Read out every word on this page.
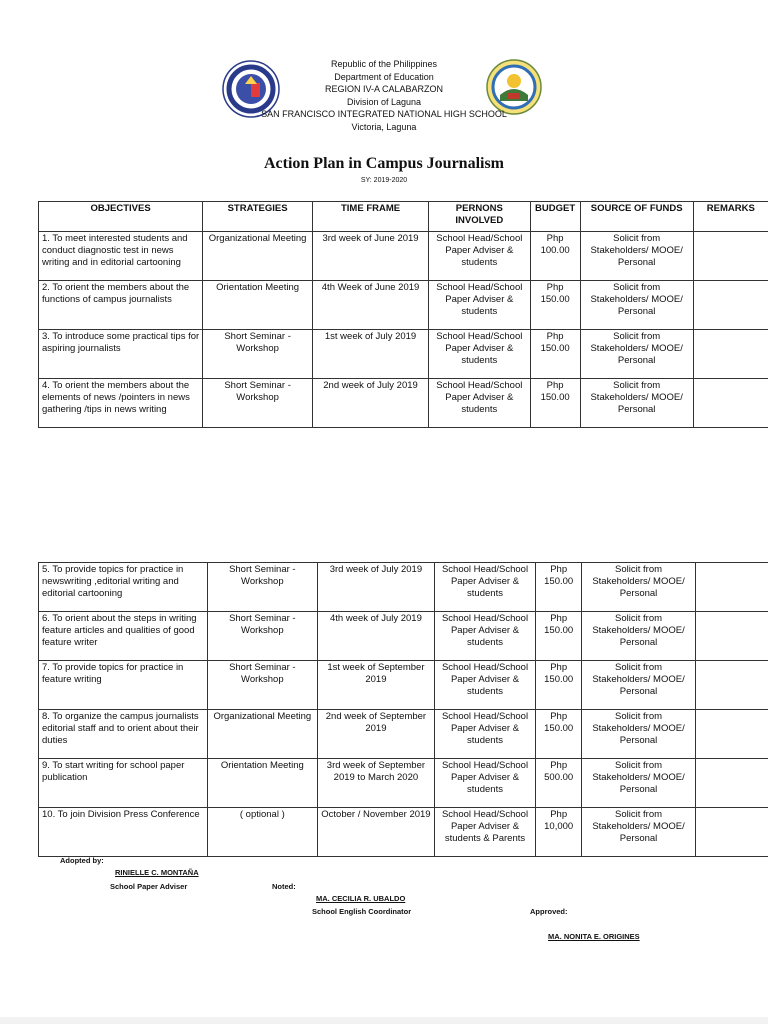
Republic of the Philippines
Department of Education
REGION IV-A CALABARZON
Division of Laguna
SAN FRANCISCO INTEGRATED NATIONAL HIGH SCHOOL
Victoria, Laguna
Action Plan in Campus Journalism
SY: 2019-2020
OBJECTIVES	STRATEGIES	TIME FRAME	PERNONS INVOLVED	BUDGET	SOURCE OF FUNDS	REMARKS
1. To meet interested students and conduct diagnostic test in news writing and in editorial cartooning	Organizational Meeting	3rd week of June 2019	School Head/School Paper Adviser & students	Php 100.00	Solicit from Stakeholders/ MOOE/ Personal	
2. To orient the members about the functions of campus journalists	Orientation Meeting	4th Week of June 2019	School Head/School Paper Adviser & students	Php 150.00	Solicit from Stakeholders/ MOOE/ Personal	
3. To introduce some practical tips for aspiring journalists	Short Seminar - Workshop	1st week of July 2019	School Head/School Paper Adviser & students	Php 150.00	Solicit from Stakeholders/ MOOE/ Personal	
4. To orient the members about the elements of news /pointers in news gathering /tips in news writing	Short Seminar - Workshop	2nd week of July 2019	School Head/School Paper Adviser & students	Php 150.00	Solicit from Stakeholders/ MOOE/ Personal	
5. To provide topics for practice in newswriting ,editorial writing and editorial cartooning	Short Seminar - Workshop	3rd week of July 2019	School Head/School Paper Adviser & students	Php 150.00	Solicit from Stakeholders/ MOOE/ Personal	
6. To orient about the steps in writing feature articles and qualities of good feature writer	Short Seminar - Workshop	4th week of July 2019	School Head/School Paper Adviser & students	Php 150.00	Solicit from Stakeholders/ MOOE/ Personal	
7. To provide topics for practice in feature writing	Short Seminar - Workshop	1st week of September 2019	School Head/School Paper Adviser & students	Php 150.00	Solicit from Stakeholders/ MOOE/ Personal	
8. To organize the campus journalists editorial staff and to orient about their duties	Organizational Meeting	2nd week of September 2019	School Head/School Paper Adviser & students	Php 150.00	Solicit from Stakeholders/ MOOE/ Personal	
9. To start writing for school paper publication	Orientation Meeting	3rd week of September 2019 to March 2020	School Head/School Paper Adviser & students	Php 500.00	Solicit from Stakeholders/ MOOE/ Personal	
10. To join Division Press Conference	( optional )	October / November 2019	School Head/School Paper Adviser & students & Parents	Php 10,000	Solicit from Stakeholders/ MOOE/ Personal	
Adopted by:
RINIELLE C. MONTAÑA
School Paper Adviser	Noted:
MA. CECILIA R. UBALDO
School English Coordinator	Approved:
MA. NONITA E. ORIGINES
